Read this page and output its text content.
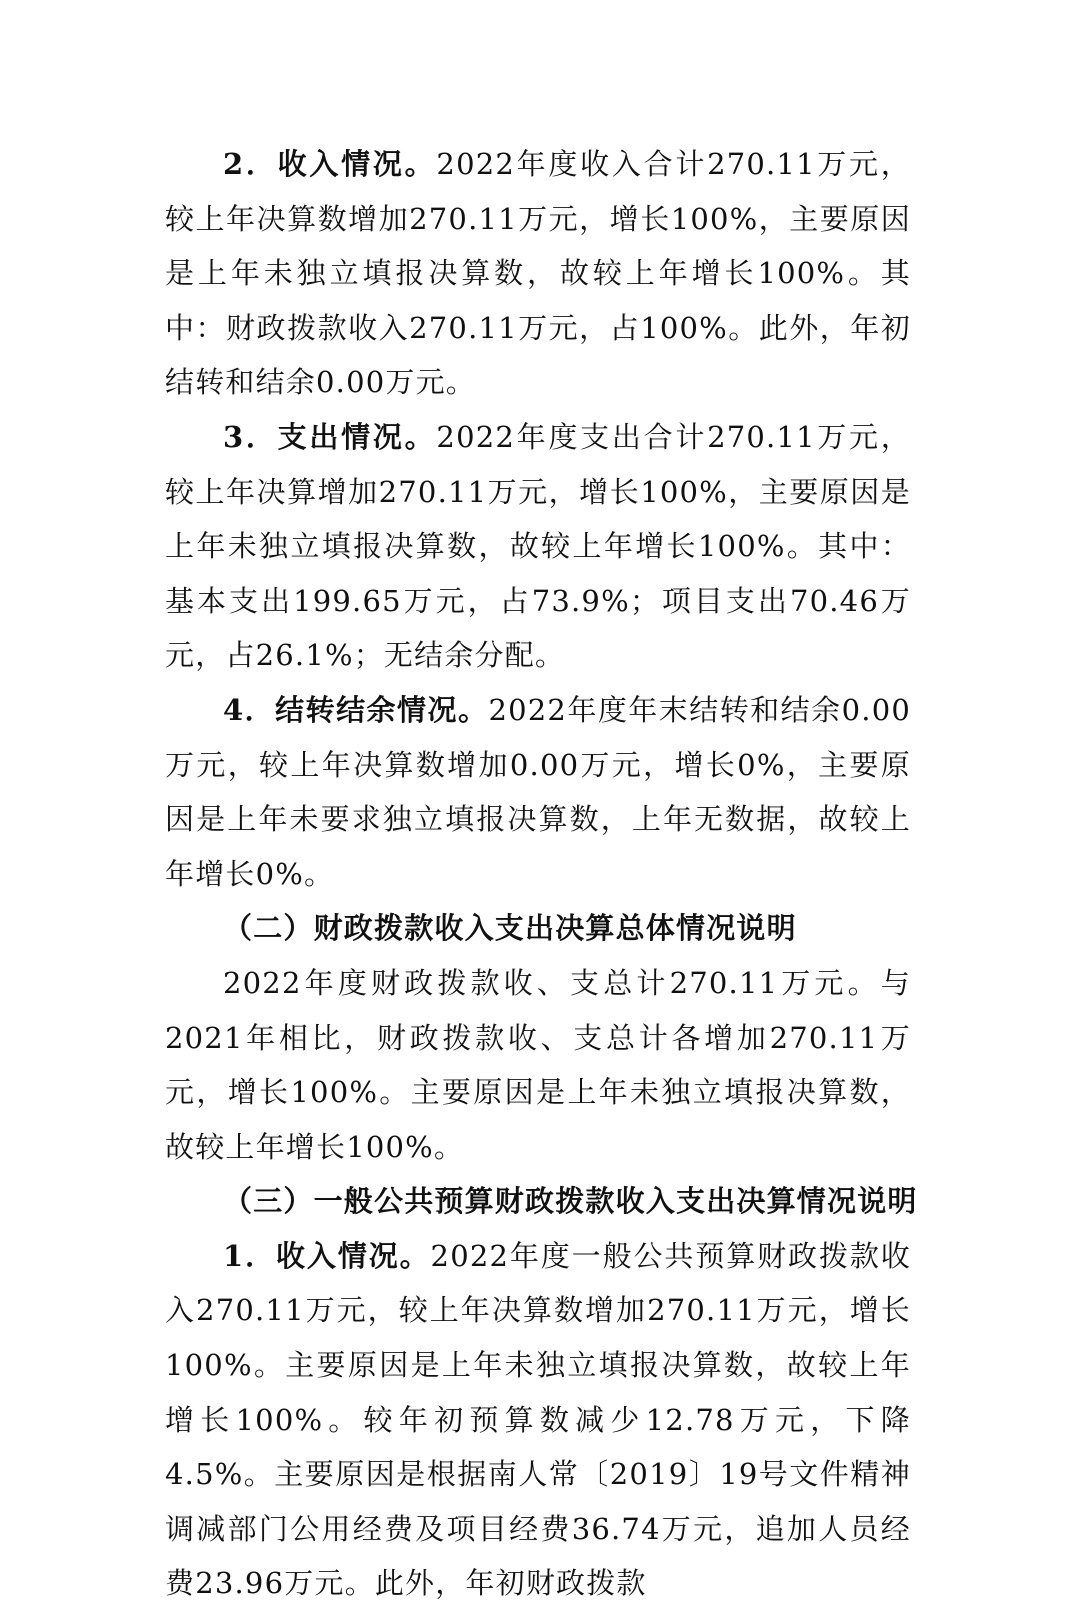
2．收入情况。2022年度收入合计270.11万元，较上年决算数增加270.11万元，增长100%，主要原因是上年未独立填报决算数，故较上年增长100%。其中：财政拨款收入270.11万元，占100%。此外，年初结转和结余0.00万元。

3．支出情况。2022年度支出合计270.11万元，较上年决算增加270.11万元，增长100%，主要原因是上年未独立填报决算数，故较上年增长100%。其中：基本支出199.65万元，占73.9%；项目支出70.46万元，占26.1%；无结余分配。

4．结转结余情况。2022年度年末结转和结余0.00万元，较上年决算数增加0.00万元，增长0%，主要原因是上年未要求独立填报决算数，上年无数据，故较上年增长0%。

（二）财政拨款收入支出决算总体情况说明

2022年度财政拨款收、支总计270.11万元。与2021年相比，财政拨款收、支总计各增加270.11万元，增长100%。主要原因是上年未独立填报决算数，故较上年增长100%。

（三）一般公共预算财政拨款收入支出决算情况说明

1．收入情况。2022年度一般公共预算财政拨款收入270.11万元，较上年决算数增加270.11万元，增长100%。主要原因是上年未独立填报决算数，故较上年增长100%。较年初预算数减少12.78万元，下降4.5%。主要原因是根据南人常〔2019〕19号文件精神调减部门公用经费及项目经费36.74万元，追加人员经费23.96万元。此外，年初财政拨款
